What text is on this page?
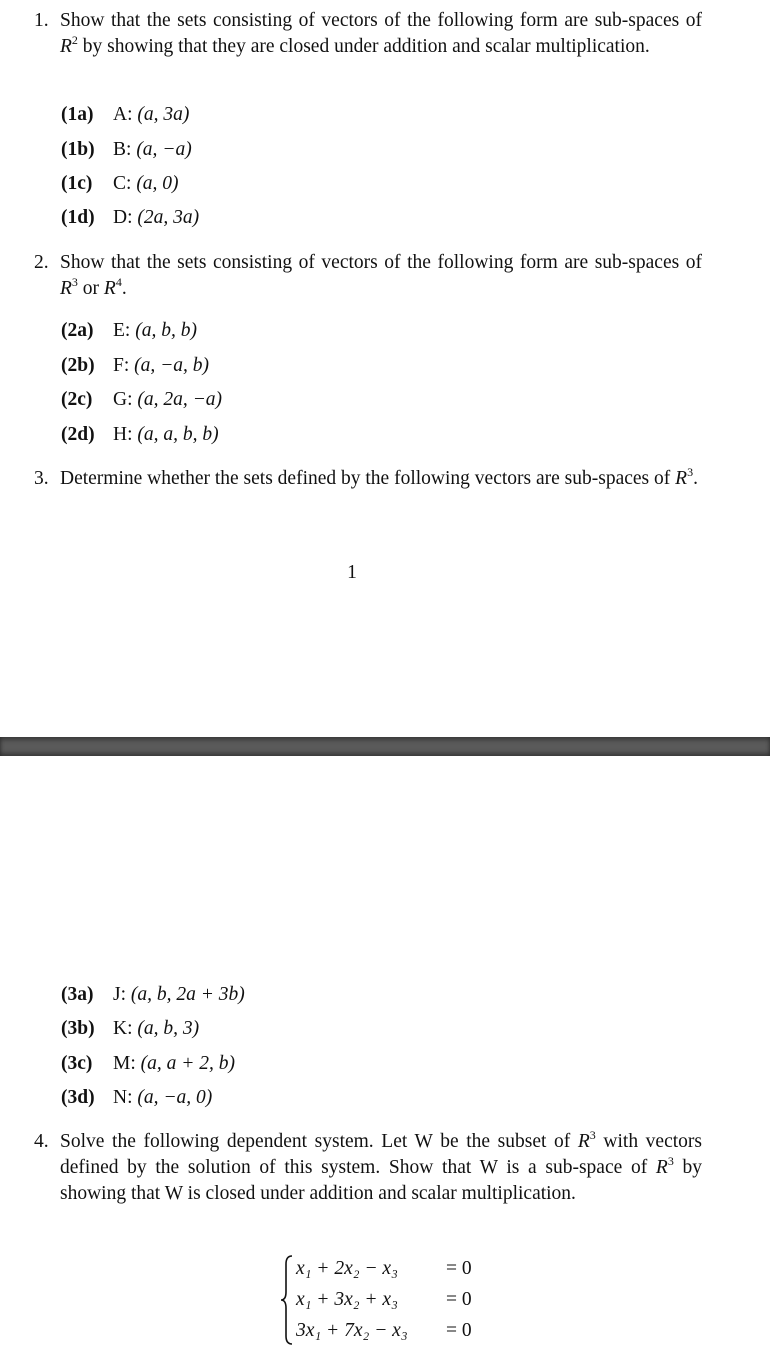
1. Show that the sets consisting of vectors of the following form are sub-spaces of $R^2$ by showing that they are closed under addition and scalar multiplication.
(1a) A: (a, 3a)
(1b) B: (a, −a)
(1c) C: (a, 0)
(1d) D: (2a, 3a)
2. Show that the sets consisting of vectors of the following form are sub-spaces of $R^3$ or $R^4$.
(2a) E: (a, b, b)
(2b) F: (a, −a, b)
(2c) G: (a, 2a, −a)
(2d) H: (a, a, b, b)
3. Determine whether the sets defined by the following vectors are sub-spaces of $R^3$.
1
(3a) J: (a, b, 2a + 3b)
(3b) K: (a, b, 3)
(3c) M: (a, a + 2, b)
(3d) N: (a, −a, 0)
4. Solve the following dependent system. Let W be the subset of $R^3$ with vectors defined by the solution of this system. Show that W is a sub-space of $R^3$ by showing that W is closed under addition and scalar multiplication.
x₁ + 2x₂ − x₃ = 0
x₁ + 3x₂ + x₃ = 0
3x₁ + 7x₂ − x₃ = 0
